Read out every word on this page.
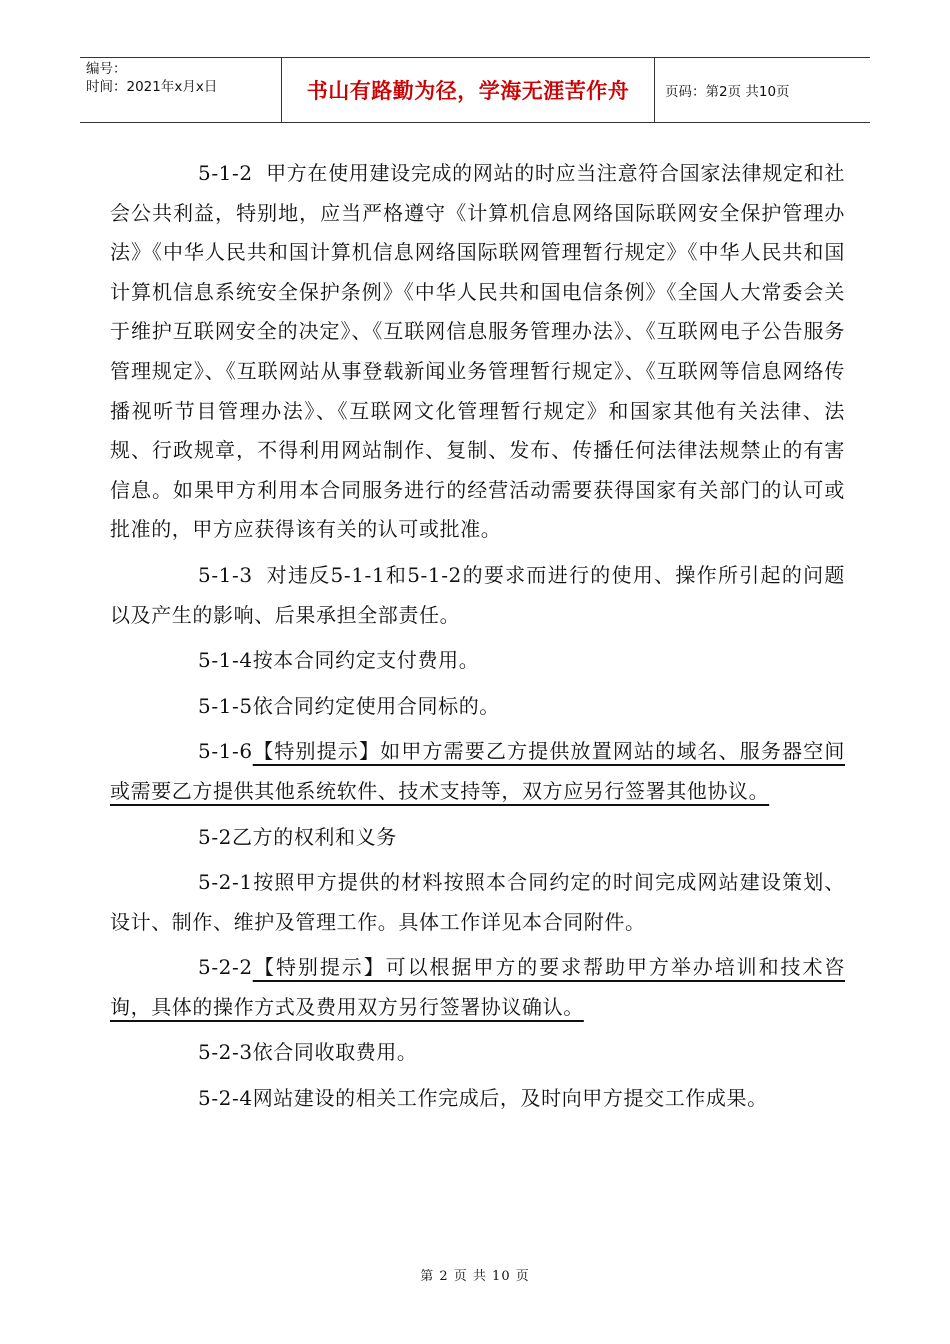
编号：
时间：2021年x月x日	书山有路勤为径，学海无涯苦作舟	页码：第2页 共10页

5-1-2 甲方在使用建设完成的网站的时应当注意符合国家法律规定和社会公共利益，特别地，应当严格遵守《计算机信息网络国际联网安全保护管理办法》《中华人民共和国计算机信息网络国际联网管理暂行规定》《中华人民共和国计算机信息系统安全保护条例》《中华人民共和国电信条例》《全国人大常委会关于维护互联网安全的决定》、《互联网信息服务管理办法》、《互联网电子公告服务管理规定》、《互联网站从事登载新闻业务管理暂行规定》、《互联网等信息网络传播视听节目管理办法》、《互联网文化管理暂行规定》和国家其他有关法律、法规、行政规章，不得利用网站制作、复制、发布、传播任何法律法规禁止的有害信息。如果甲方利用本合同服务进行的经营活动需要获得国家有关部门的认可或批准的，甲方应获得该有关的认可或批准。

5-1-3 对违反5-1-1和5-1-2的要求而进行的使用、操作所引起的问题以及产生的影响、后果承担全部责任。

5-1-4按本合同约定支付费用。

5-1-5依合同约定使用合同标的。

5-1-6【特别提示】如甲方需要乙方提供放置网站的域名、服务器空间或需要乙方提供其他系统软件、技术支持等，双方应另行签署其他协议。

5-2乙方的权利和义务

5-2-1按照甲方提供的材料按照本合同约定的时间完成网站建设策划、设计、制作、维护及管理工作。具体工作详见本合同附件。

5-2-2【特别提示】可以根据甲方的要求帮助甲方举办培训和技术咨询，具体的操作方式及费用双方另行签署协议确认。

5-2-3依合同收取费用。

5-2-4网站建设的相关工作完成后，及时向甲方提交工作成果。

第 2 页 共 10 页
